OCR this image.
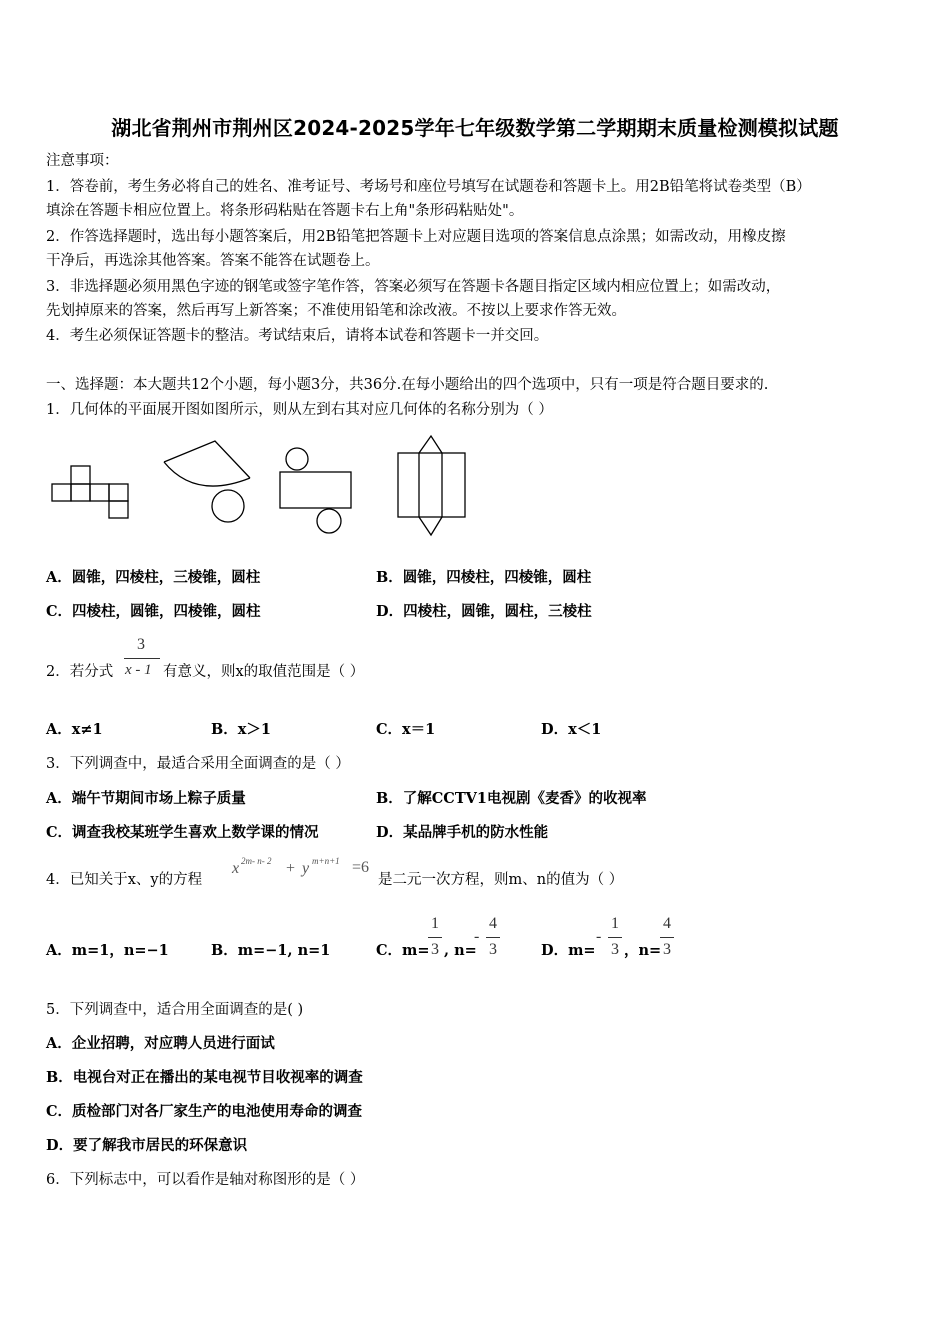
湖北省荆州市荆州区2024-2025学年七年级数学第二学期期末质量检测模拟试题
注意事项：
1．答卷前，考生务必将自己的姓名、准考证号、考场号和座位号填写在试题卷和答题卡上。用2B铅笔将试卷类型（B）
填涂在答题卡相应位置上。将条形码粘贴在答题卡右上角"条形码粘贴处"。
2．作答选择题时，选出每小题答案后，用2B铅笔把答题卡上对应题目选项的答案信息点涂黑；如需改动，用橡皮擦
干净后，再选涂其他答案。答案不能答在试题卷上。
3．非选择题必须用黑色字迹的钢笔或签字笔作答，答案必须写在答题卡各题目指定区域内相应位置上；如需改动，
先划掉原来的答案，然后再写上新答案；不准使用铅笔和涂改液。不按以上要求作答无效。
4．考生必须保证答题卡的整洁。考试结束后，请将本试卷和答题卡一并交回。
一、选择题：本大题共12个小题，每小题3分，共36分.在每小题给出的四个选项中，只有一项是符合题目要求的.
1．几何体的平面展开图如图所示，则从左到右其对应几何体的名称分别为（ ）
A．圆锥，四棱柱，三棱锥，圆柱	B．圆锥，四棱柱，四棱锥，圆柱
C．四棱柱，圆锥，四棱锥，圆柱	D．四棱柱，圆锥，圆柱，三棱柱
2．若分式
3
x - 1 有意义，则x的取值范围是（ ）
A．x≠1	B．x＞1	C．x＝1	D．x＜1
3．下列调查中，最适合采用全面调查的是（ ）
A．端午节期间市场上粽子质量	B．了解CCTV1电视剧《麦香》的收视率
C．调查我校某班学生喜欢上数学课的情况	D．某品牌手机的防水性能
4．已知关于x、y的方程
x 2m- n- 2 + y m+n+1 =6
是二元一次方程，则m、n的值为（ ）
A．m=1，n=−1	B．m=−1, n=1	C．m=
1
3 , n=
-
4
3	D．m=
-
1
3 ，n=
4
3
5．下列调查中，适合用全面调查的是( )
A．企业招聘，对应聘人员进行面试
B．电视台对正在播出的某电视节目收视率的调查
C．质检部门对各厂家生产的电池使用寿命的调查
D．要了解我市居民的环保意识
6．下列标志中，可以看作是轴对称图形的是（ ）
